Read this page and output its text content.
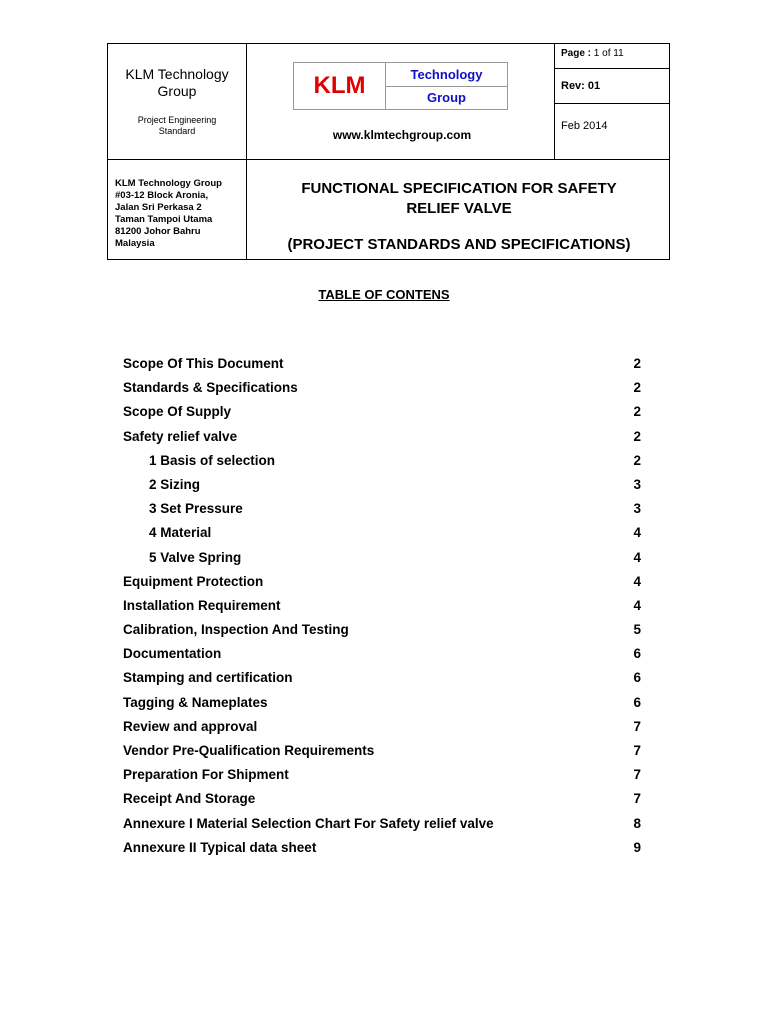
KLM Technology Group
Project Engineering Standard
KLM	Technology
Group
www.klmtechgroup.com
Page : 1 of 11
Rev: 01
Feb 2014
KLM Technology Group
#03-12 Block Aronia,
Jalan Sri Perkasa 2
Taman Tampoi Utama
81200 Johor Bahru
Malaysia
FUNCTIONAL SPECIFICATION FOR SAFETY
RELIEF VALVE
(PROJECT STANDARDS AND SPECIFICATIONS)
TABLE OF CONTENS
Scope Of This Document	2
Standards & Specifications	2
Scope Of Supply	2
Safety relief valve	2
1 Basis of selection	2
2 Sizing	3
3 Set Pressure	3
4 Material	4
5 Valve Spring	4
Equipment Protection	4
Installation Requirement	4
Calibration, Inspection And Testing	5
Documentation	6
Stamping and certification	6
Tagging & Nameplates	6
Review and approval	7
Vendor Pre-Qualification Requirements	7
Preparation For Shipment	7
Receipt And Storage	7
Annexure I Material Selection Chart For Safety relief valve	8
Annexure II Typical data sheet	9
